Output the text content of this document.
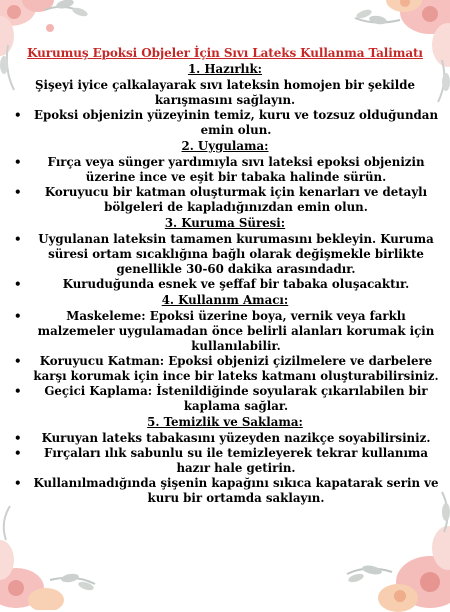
Kurumuş Epoksi Objeler İçin Sıvı Lateks Kullanma Talimatı
1. Hazırlık:
Şişeyi iyice çalkalayarak sıvı lateksin homojen bir şekilde karışmasını sağlayın.
•	Epoksi objenizin yüzeyinin temiz, kuru ve tozsuz olduğundan emin olun.
2. Uygulama:
•	Fırça veya sünger yardımıyla sıvı lateksi epoksi objenizin üzerine ince ve eşit bir tabaka halinde sürün.
•	Koruyucu bir katman oluşturmak için kenarları ve detaylı bölgeleri de kapladığınızdan emin olun.
3. Kuruma Süresi:
•	Uygulanan lateksin tamamen kurumasını bekleyin. Kuruma süresi ortam sıcaklığına bağlı olarak değişmekle birlikte genellikle 30-60 dakika arasındadır.
•	Kuruduğunda esnek ve şeffaf bir tabaka oluşacaktır.
4. Kullanım Amacı:
•	Maskeleme: Epoksi üzerine boya, vernik veya farklı malzemeler uygulamadan önce belirli alanları korumak için kullanılabilir.
•	Koruyucu Katman: Epoksi objenizi çizilmelere ve darbelere karşı korumak için ince bir lateks katmanı oluşturabilirsiniz.
•	Geçici Kaplama: İstenildiğinde soyularak çıkarılabilen bir kaplama sağlar.
5. Temizlik ve Saklama:
•	Kuruyan lateks tabakasını yüzeyden nazikçe soyabilirsiniz.
•	Fırçaları ılık sabunlu su ile temizleyerek tekrar kullanıma hazır hale getirin.
•	Kullanılmadığında şişenin kapağını sıkıca kapatarak serin ve kuru bir ortamda saklayın.
